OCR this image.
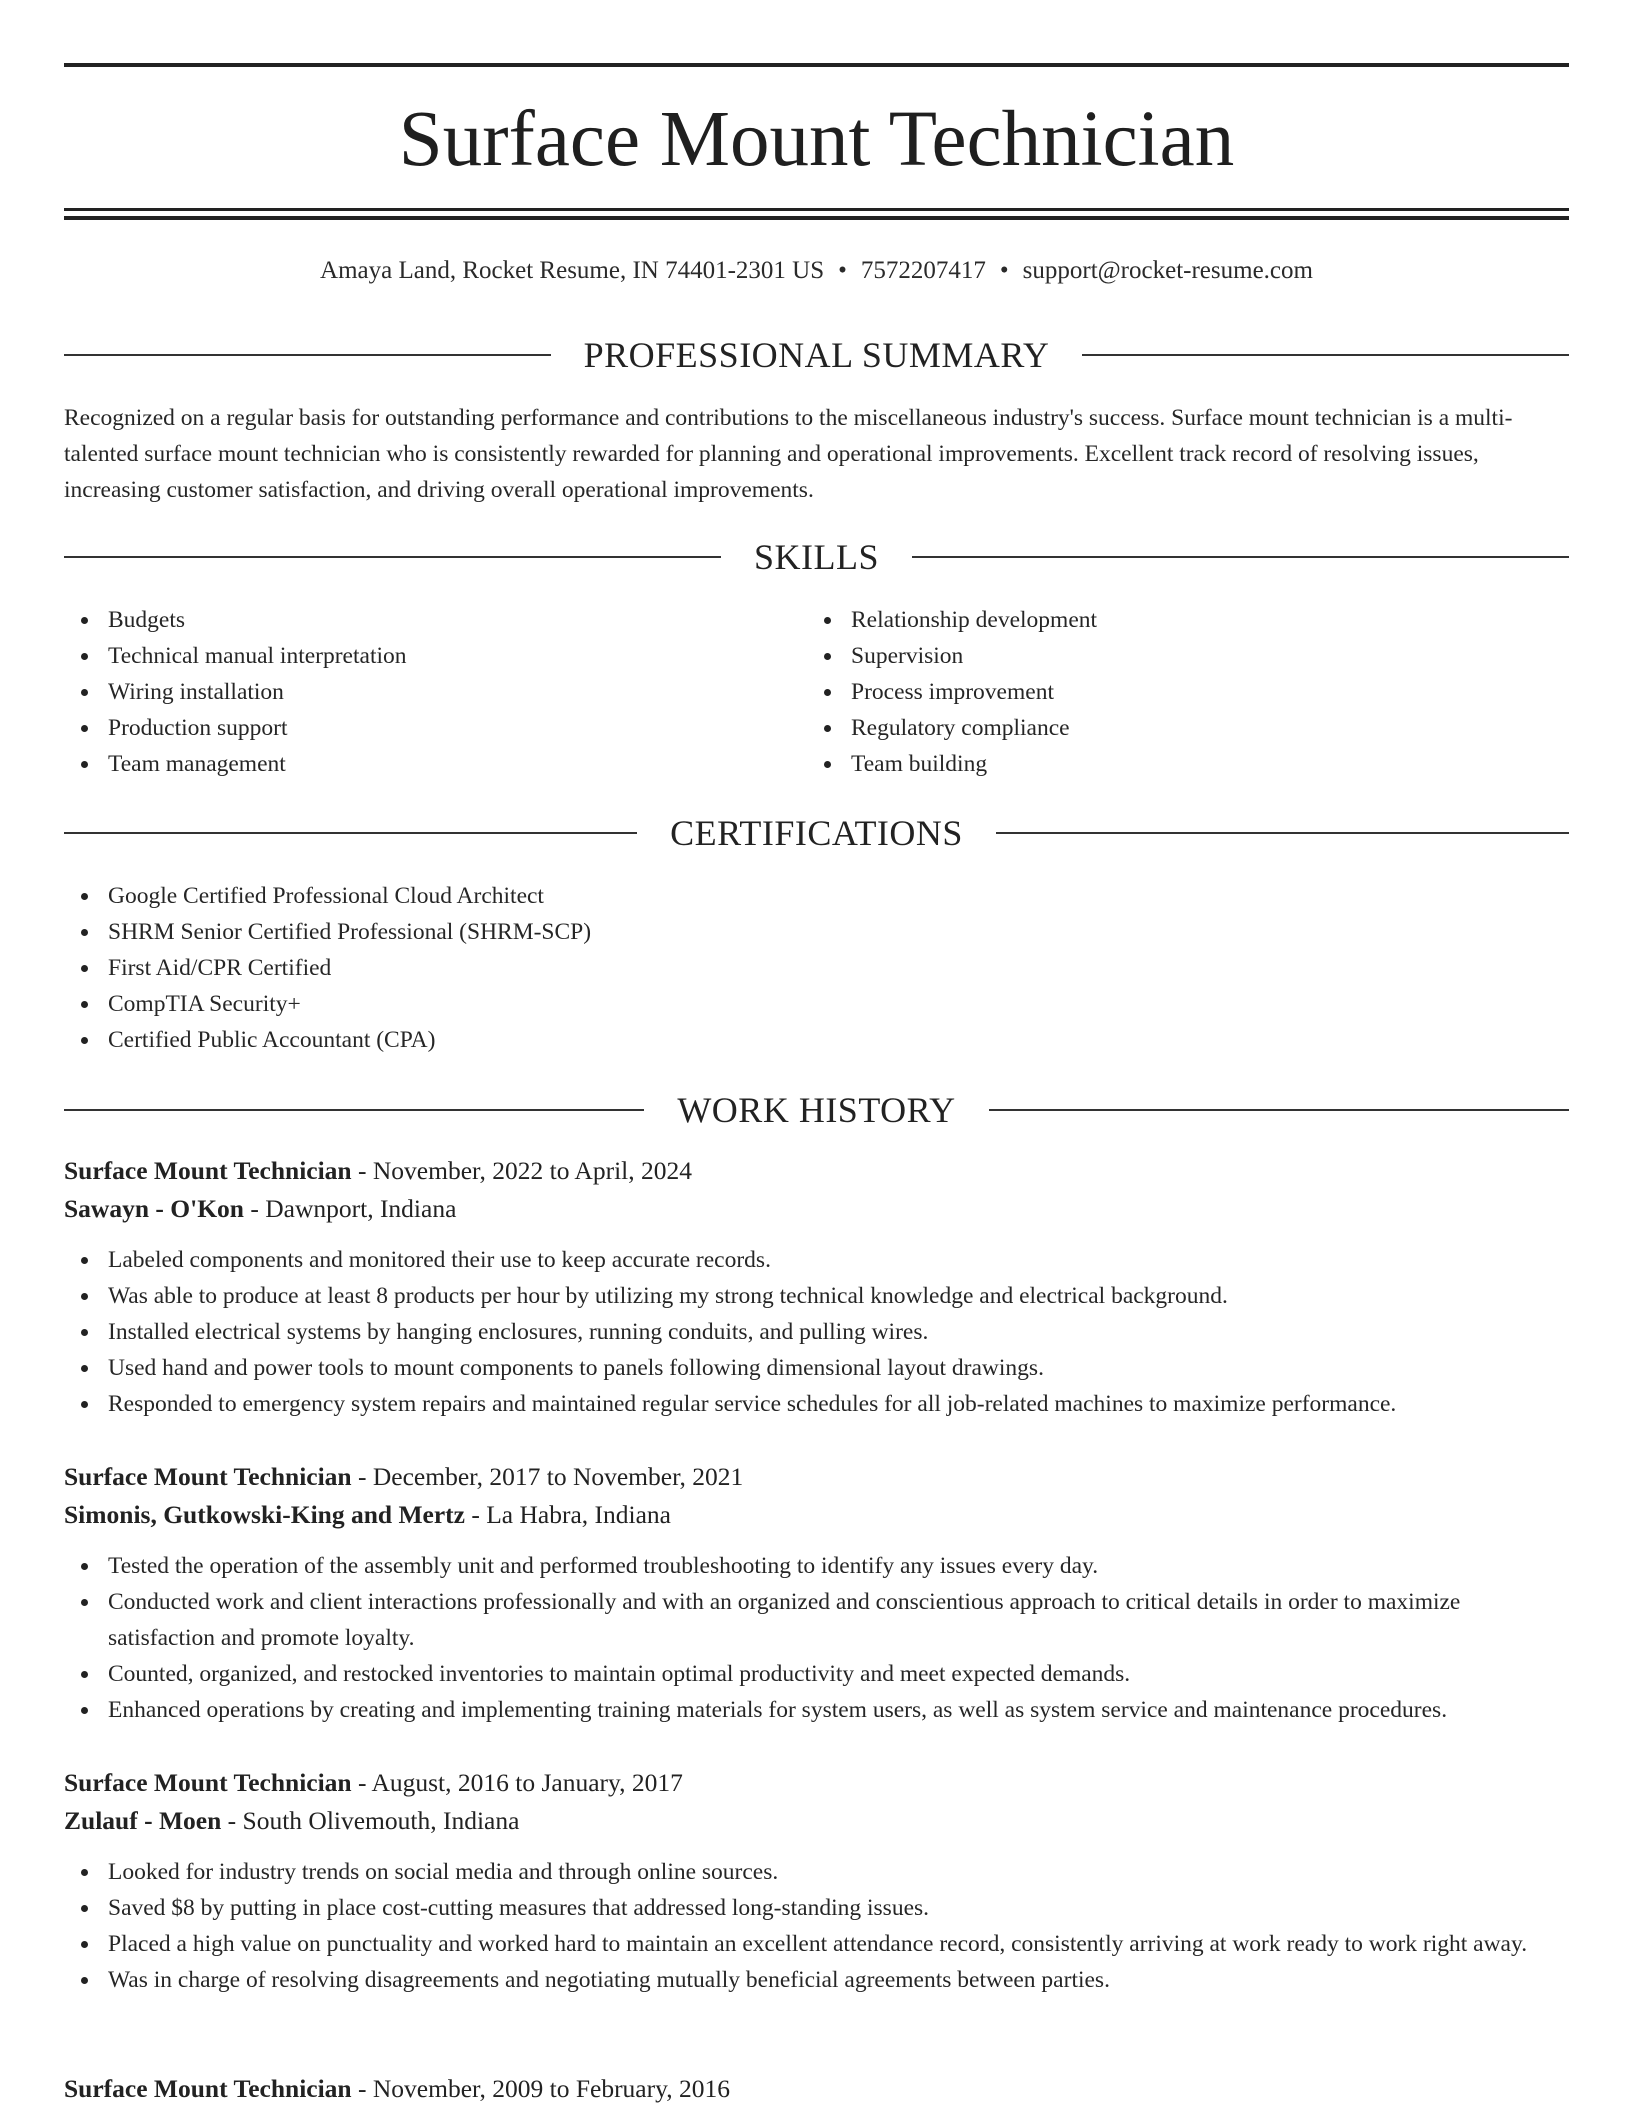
Surface Mount Technician
Amaya Land, Rocket Resume, IN 74401-2301 US • 7572207417 • support@rocket-resume.com
PROFESSIONAL SUMMARY

Recognized on a regular basis for outstanding performance and contributions to the miscellaneous industry's success. Surface mount technician is a multi-talented surface mount technician who is consistently rewarded for planning and operational improvements. Excellent track record of resolving issues, increasing customer satisfaction, and driving overall operational improvements.

SKILLS
Budgets
Technical manual interpretation
Wiring installation
Production support
Team management
Relationship development
Supervision
Process improvement
Regulatory compliance
Team building
CERTIFICATIONS
Google Certified Professional Cloud Architect
SHRM Senior Certified Professional (SHRM-SCP)
First Aid/CPR Certified
CompTIA Security+
Certified Public Accountant (CPA)
WORK HISTORY
Surface Mount Technician - November, 2022 to April, 2024
Sawayn - O'Kon - Dawnport, Indiana
Labeled components and monitored their use to keep accurate records.
Was able to produce at least 8 products per hour by utilizing my strong technical knowledge and electrical background.
Installed electrical systems by hanging enclosures, running conduits, and pulling wires.
Used hand and power tools to mount components to panels following dimensional layout drawings.
Responded to emergency system repairs and maintained regular service schedules for all job-related machines to maximize performance.
Surface Mount Technician - December, 2017 to November, 2021
Simonis, Gutkowski-King and Mertz - La Habra, Indiana
Tested the operation of the assembly unit and performed troubleshooting to identify any issues every day.
Conducted work and client interactions professionally and with an organized and conscientious approach to critical details in order to maximize satisfaction and promote loyalty.
Counted, organized, and restocked inventories to maintain optimal productivity and meet expected demands.
Enhanced operations by creating and implementing training materials for system users, as well as system service and maintenance procedures.
Surface Mount Technician - August, 2016 to January, 2017
Zulauf - Moen - South Olivemouth, Indiana
Looked for industry trends on social media and through online sources.
Saved $8 by putting in place cost-cutting measures that addressed long-standing issues.
Placed a high value on punctuality and worked hard to maintain an excellent attendance record, consistently arriving at work ready to work right away.
Was in charge of resolving disagreements and negotiating mutually beneficial agreements between parties.
Surface Mount Technician - November, 2009 to February, 2016
